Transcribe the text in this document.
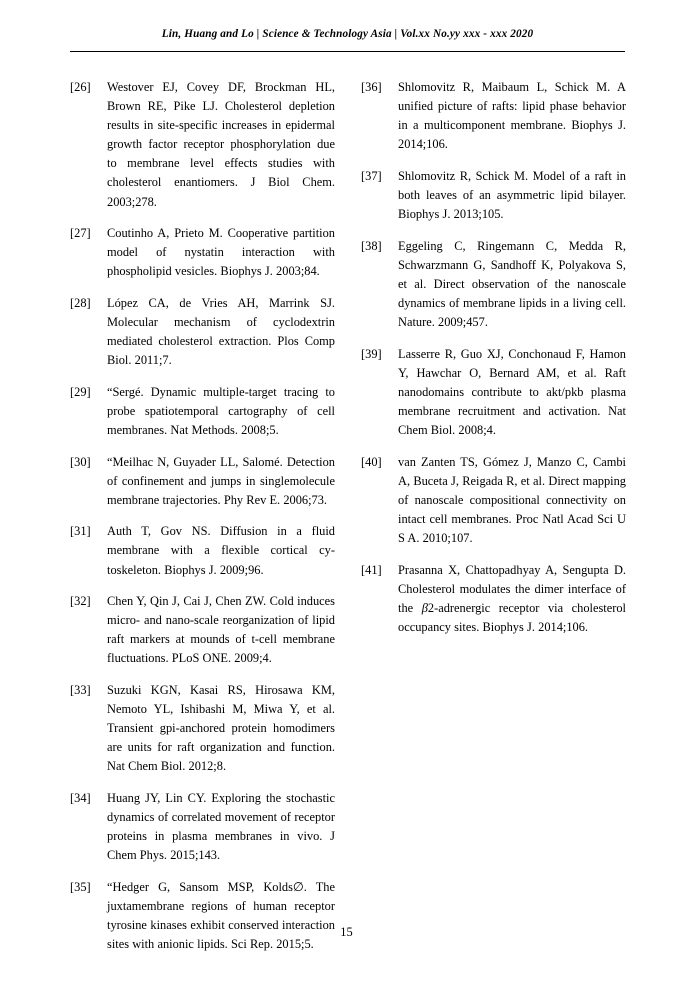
Lin, Huang and Lo | Science & Technology Asia | Vol.xx No.yy xxx - xxx 2020
[26]	Westover EJ, Covey DF, Brockman HL, Brown RE, Pike LJ. Cholesterol depletion results in site-specific increases in epidermal growth factor receptor phosphorylation due to membrane level effects studies with cholesterol enantiomers. J Biol Chem. 2003;278.
[27]	Coutinho A, Prieto M. Cooperative partition model of nystatin interaction with phospholipid vesicles. Biophys J. 2003;84.
[28]	López CA, de Vries AH, Marrink SJ. Molecular mechanism of cyclodextrin mediated cholesterol extraction. Plos Comp Biol. 2011;7.
[29]	“Sergé. Dynamic multiple-target tracing to probe spatiotemporal cartography of cell membranes. Nat Methods. 2008;5.
[30]	“Meilhac N, Guyader LL, Salomé. Detection of confinement and jumps in singlemolecule membrane trajectories. Phy Rev E. 2006;73.
[31]	Auth T, Gov NS. Diffusion in a fluid membrane with a flexible cortical cytoskeleton. Biophys J. 2009;96.
[32]	Chen Y, Qin J, Cai J, Chen ZW. Cold induces micro- and nano-scale reorganization of lipid raft markers at mounds of t-cell membrane fluctuations. PLoS ONE. 2009;4.
[33]	Suzuki KGN, Kasai RS, Hirosawa KM, Nemoto YL, Ishibashi M, Miwa Y, et al. Transient gpi-anchored protein homodimers are units for raft organization and function. Nat Chem Biol. 2012;8.
[34]	Huang JY, Lin CY. Exploring the stochastic dynamics of correlated movement of receptor proteins in plasma membranes in vivo. J Chem Phys. 2015;143.
[35]	“Hedger G, Sansom MSP, Kolds∅. The juxtamembrane regions of human receptor tyrosine kinases exhibit conserved interaction sites with anionic lipids. Sci Rep. 2015;5.
[36]	Shlomovitz R, Maibaum L, Schick M. A unified picture of rafts: lipid phase behavior in a multicomponent membrane. Biophys J. 2014;106.
[37]	Shlomovitz R, Schick M. Model of a raft in both leaves of an asymmetric lipid bilayer. Biophys J. 2013;105.
[38]	Eggeling C, Ringemann C, Medda R, Schwarzmann G, Sandhoff K, Polyakova S, et al. Direct observation of the nanoscale dynamics of membrane lipids in a living cell. Nature. 2009;457.
[39]	Lasserre R, Guo XJ, Conchonaud F, Hamon Y, Hawchar O, Bernard AM, et al. Raft nanodomains contribute to akt/pkb plasma membrane recruitment and activation. Nat Chem Biol. 2008;4.
[40]	van Zanten TS, Gómez J, Manzo C, Cambi A, Buceta J, Reigada R, et al. Direct mapping of nanoscale compositional connectivity on intact cell membranes. Proc Natl Acad Sci U S A. 2010;107.
[41]	Prasanna X, Chattopadhyay A, Sengupta D. Cholesterol modulates the dimer interface of the β2-adrenergic receptor via cholesterol occupancy sites. Biophys J. 2014;106.
15
